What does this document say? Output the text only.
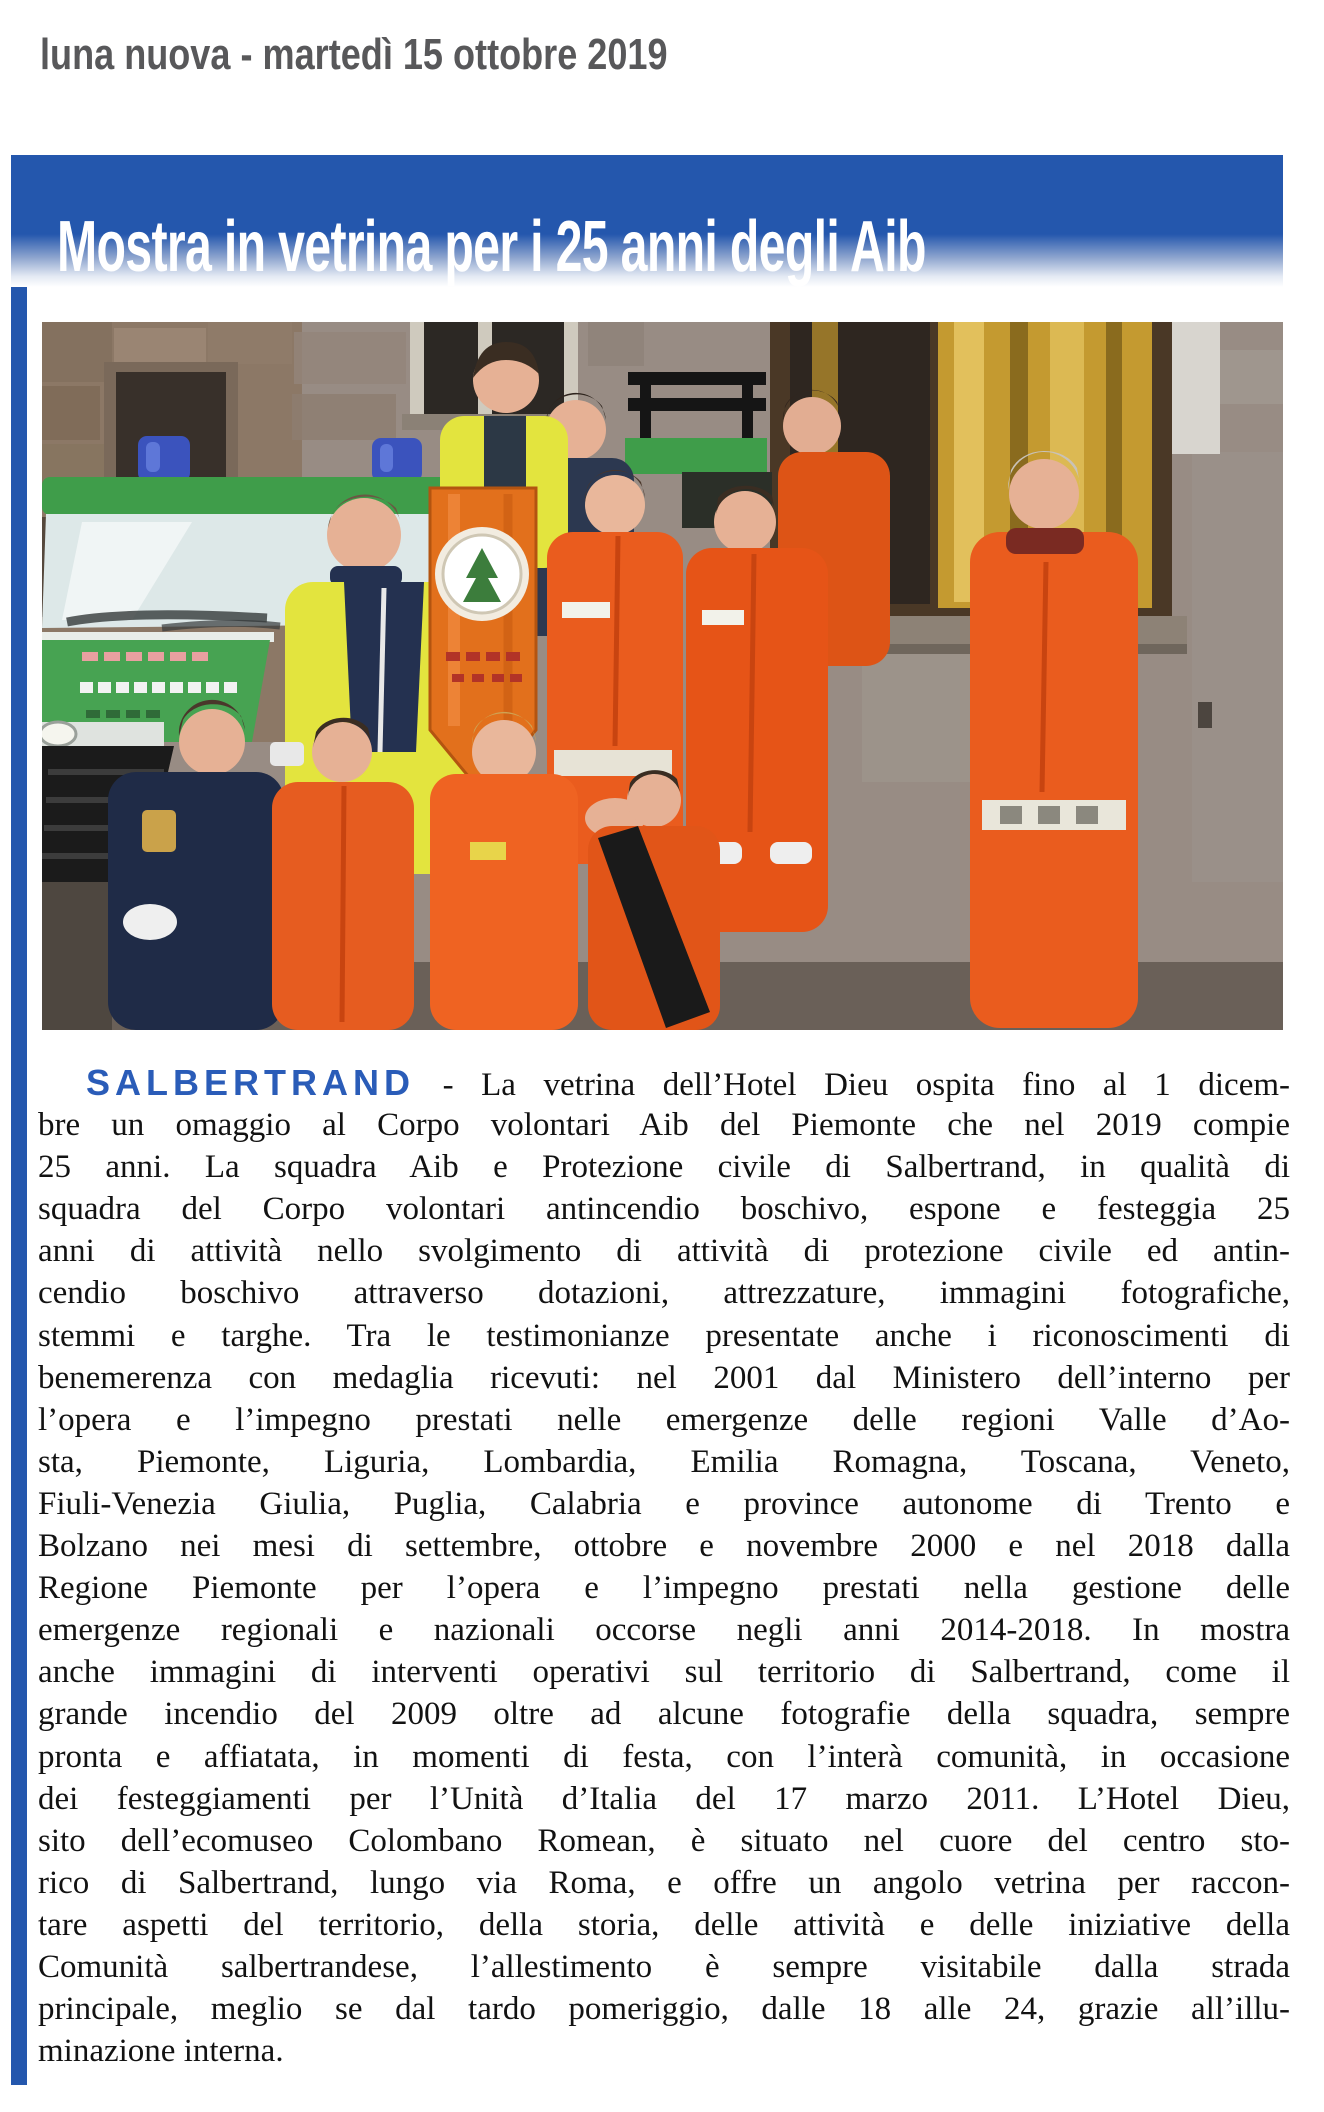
luna nuova - martedì 15 ottobre 2019
Mostra in vetrina per i 25 anni degli Aib
SALBERTRAND - La vetrina dell’Hotel Dieu ospita fino al 1 dicem-
bre un omaggio al Corpo volontari Aib del Piemonte che nel 2019 compie
25 anni. La squadra Aib e Protezione civile di Salbertrand, in qualità di
squadra del Corpo volontari antincendio boschivo, espone e festeggia 25
anni di attività nello svolgimento di attività di protezione civile ed antin-
cendio boschivo attraverso dotazioni, attrezzature, immagini fotografiche,
stemmi e targhe. Tra le testimonianze presentate anche i riconoscimenti di
benemerenza con medaglia ricevuti: nel 2001 dal Ministero dell’interno per
l’opera e l’impegno prestati nelle emergenze delle regioni Valle d’Ao-
sta, Piemonte, Liguria, Lombardia, Emilia Romagna, Toscana, Veneto,
Fiuli-Venezia Giulia, Puglia, Calabria e province autonome di Trento e
Bolzano nei mesi di settembre, ottobre e novembre 2000 e nel 2018 dalla
Regione Piemonte per l’opera e l’impegno prestati nella gestione delle
emergenze regionali e nazionali occorse negli anni 2014-2018. In mostra
anche immagini di interventi operativi sul territorio di Salbertrand, come il
grande incendio del 2009 oltre ad alcune fotografie della squadra, sempre
pronta e affiatata, in momenti di festa, con l’interà comunità, in occasione
dei festeggiamenti per l’Unità d’Italia del 17 marzo 2011. L’Hotel Dieu,
sito dell’ecomuseo Colombano Romean, è situato nel cuore del centro sto-
rico di Salbertrand, lungo via Roma, e offre un angolo vetrina per raccon-
tare aspetti del territorio, della storia, delle attività e delle iniziative della
Comunità salbertrandese, l’allestimento è sempre visitabile dalla strada
principale, meglio se dal tardo pomeriggio, dalle 18 alle 24, grazie all’illu-
minazione interna.
